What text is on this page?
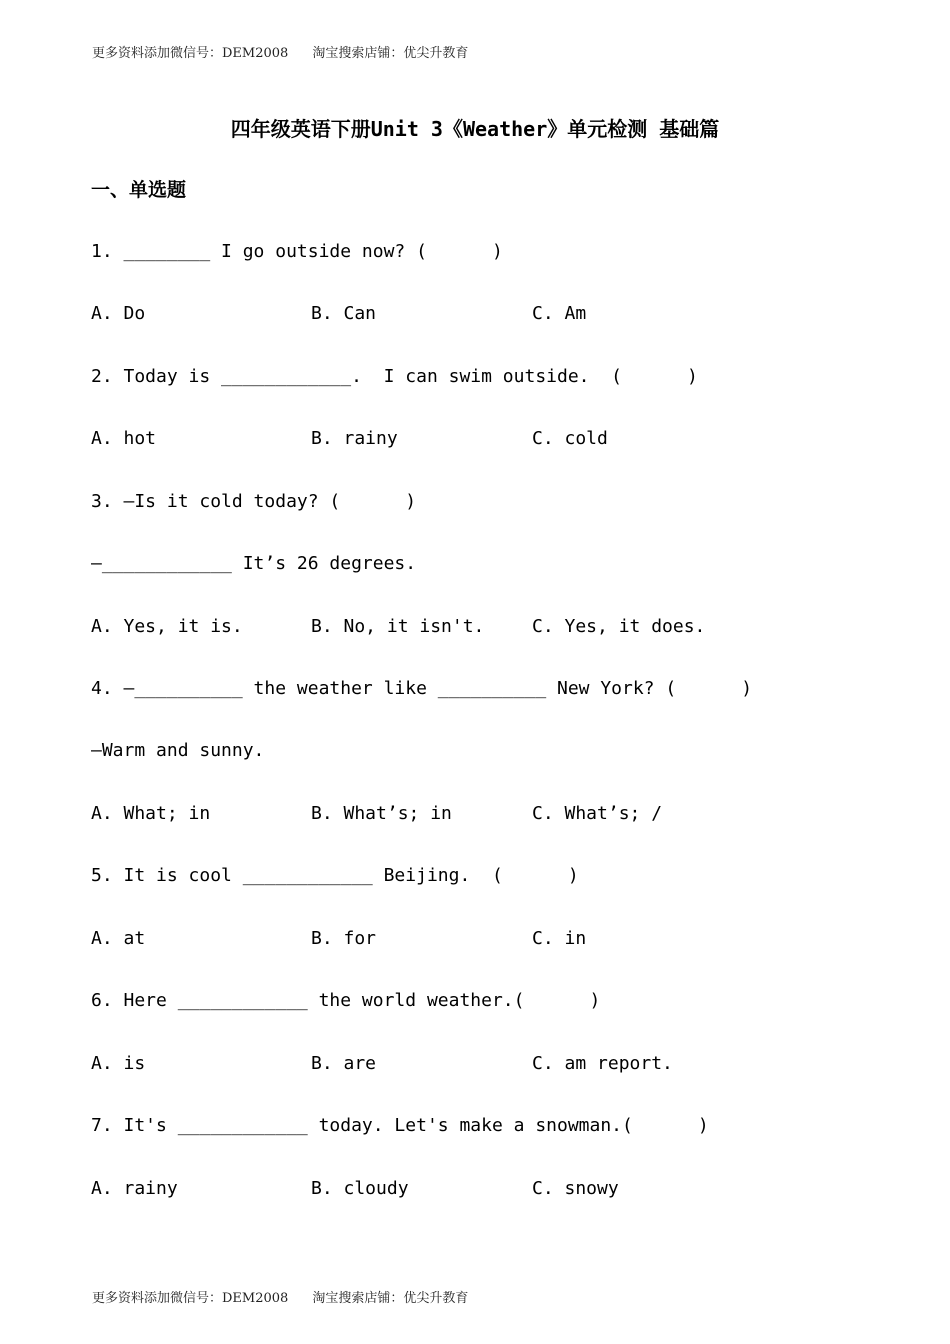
更多资料添加微信号：DEM2008 淘宝搜索店铺：优尖升教育
四年级英语下册Unit 3《Weather》单元检测 基础篇
一、单选题
1. ________ I go outside now? (      )
A. Do	B. Can	C. Am
2. Today is ____________.  I can swim outside.  (      )
A. hot	B. rainy	C. cold
3. —Is it cold today? (      )
—____________ It’s 26 degrees.
A. Yes, it is.	B. No, it isn't.	C. Yes, it does.
4. —__________ the weather like __________ New York? (      )
—Warm and sunny.
A. What; in	B. What’s; in	C. What’s; /
5. It is cool ____________ Beijing.  (      )
A. at	B. for	C. in
6. Here ____________ the world weather.(      )
A. is	B. are	C. am report.
7. It's ____________ today. Let's make a snowman.(      )
A. rainy	B. cloudy	C. snowy
更多资料添加微信号：DEM2008 淘宝搜索店铺：优尖升教育
